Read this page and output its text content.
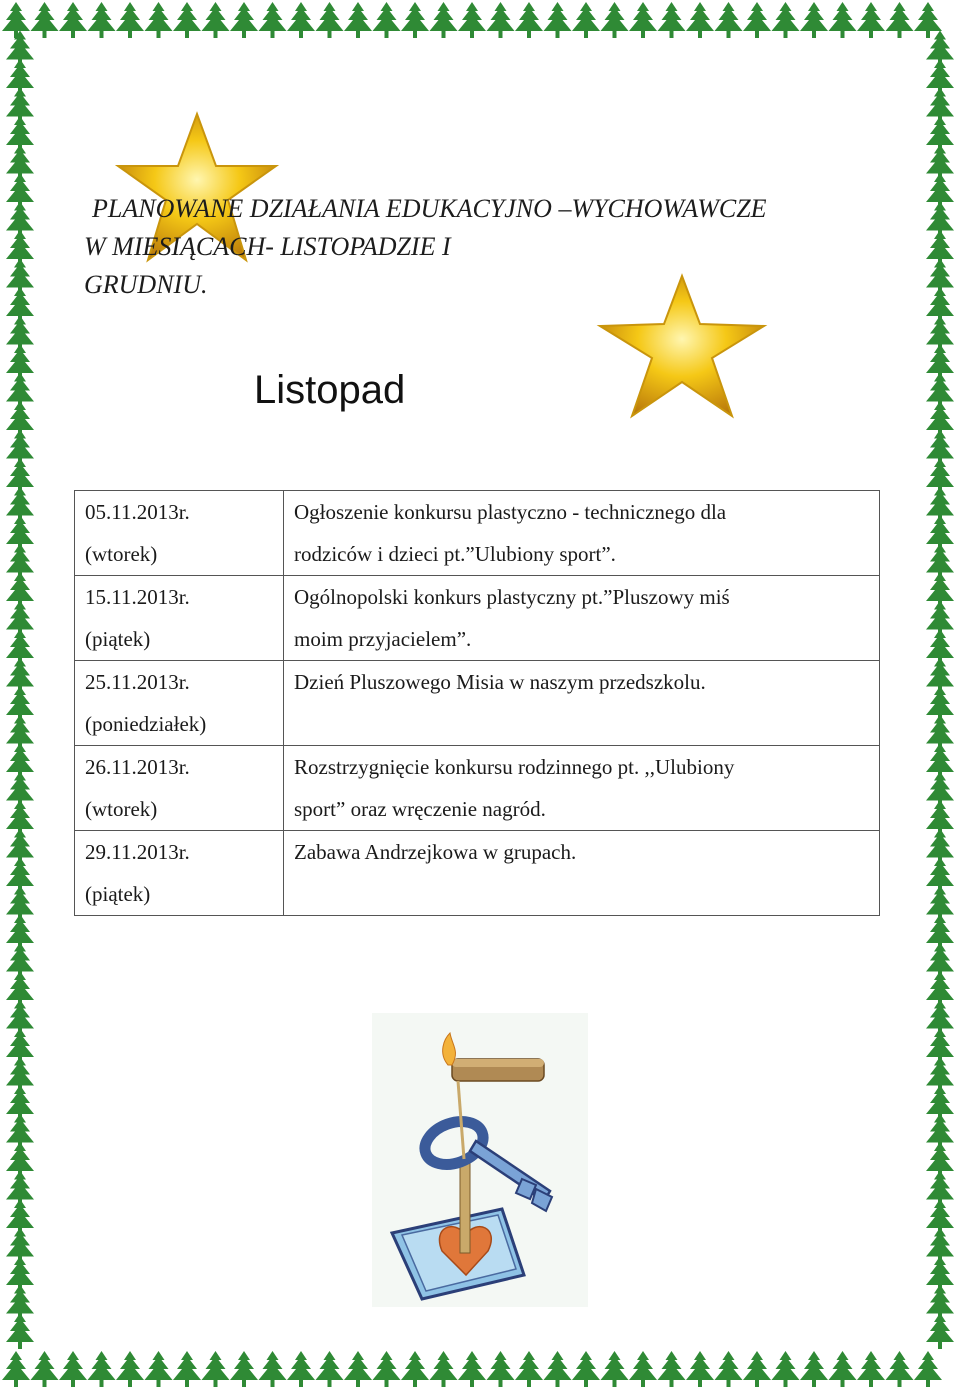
PLANOWANE DZIAŁANIA EDUKACYJNO –WYCHOWAWCZE
W MIESIĄCACH- LISTOPADZIE I
GRUDNIU.
Listopad
05.11.2013r.
(wtorek)	Ogłoszenie konkursu plastyczno - technicznego dla
rodziców i dzieci pt.”Ulubiony sport”.

15.11.2013r.
(piątek)	Ogólnopolski konkurs plastyczny pt.”Pluszowy miś
moim przyjacielem”.

25.11.2013r.
(poniedziałek)	Dzień Pluszowego Misia w naszym przedszkolu.

26.11.2013r.
(wtorek)	Rozstrzygnięcie konkursu rodzinnego pt. ,,Ulubiony
sport” oraz wręczenie nagród.

29.11.2013r.
(piątek)	Zabawa Andrzejkowa w grupach.
